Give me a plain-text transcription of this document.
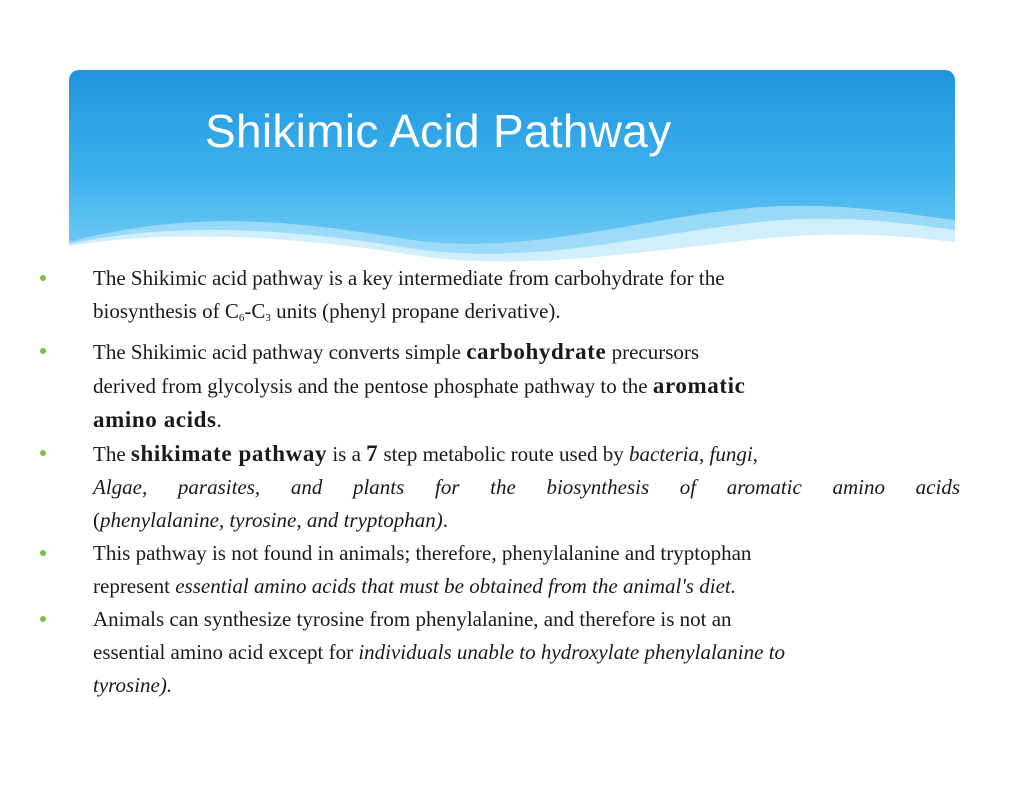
Shikimic Acid Pathway
The Shikimic acid pathway is a key intermediate from carbohydrate for the
biosynthesis of $C_6-C_3$ units (phenyl propane derivative).
The Shikimic acid pathway converts simple carbohydrate precursors
derived from glycolysis and the pentose phosphate pathway to the aromatic
amino acids.
The shikimate pathway is a 7 step metabolic route used by bacteria, fungi,
Algae, parasites, and plants for the biosynthesis of aromatic amino acids
(phenylalanine, tyrosine, and tryptophan).
This pathway is not found in animals; therefore, phenylalanine and tryptophan
represent essential amino acids that must be obtained from the animal's diet.
Animals can synthesize tyrosine from phenylalanine, and therefore is not an
essential amino acid except for individuals unable to hydroxylate phenylalanine to
tyrosine).
